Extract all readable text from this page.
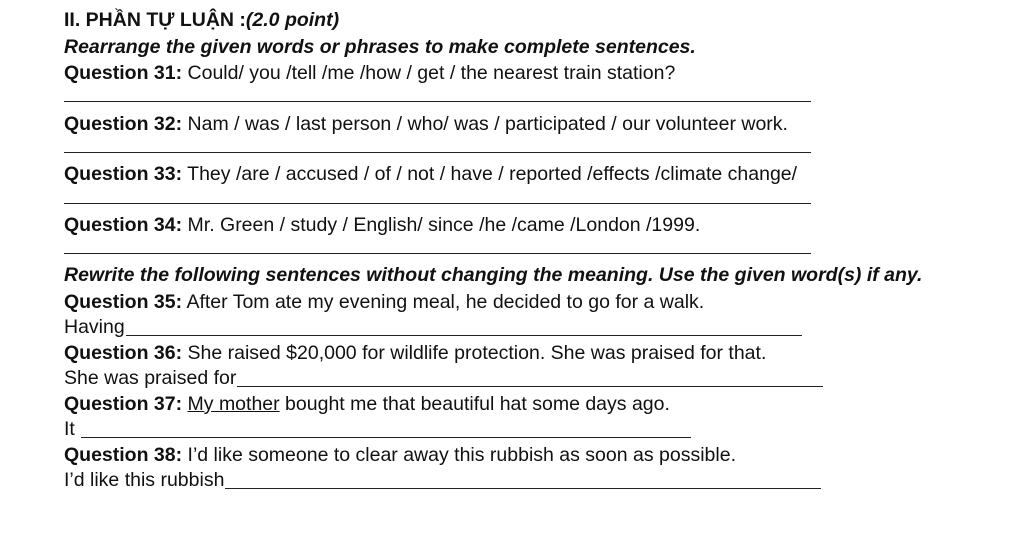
II. PHẦN TỰ LUẬN :(2.0 point)
Rearrange the given words or phrases to make complete sentences.
Question 31: Could/ you /tell /me /how / get / the nearest train station?
Question 32: Nam / was / last person / who/ was / participated / our volunteer work.
Question 33: They /are / accused / of / not / have / reported /effects /climate change/
Question 34: Mr. Green / study / English/ since /he /came /London /1999.
Rewrite the following sentences without changing the meaning. Use the given word(s) if any.
Question 35: After Tom ate my evening meal, he decided to go for a walk.
Having
Question 36: She raised $20,000 for wildlife protection. She was praised for that.
She was praised for
Question 37: My mother bought me that beautiful hat some days ago.
It
Question 38: I’d like someone to clear away this rubbish as soon as possible.
I’d like this rubbish
